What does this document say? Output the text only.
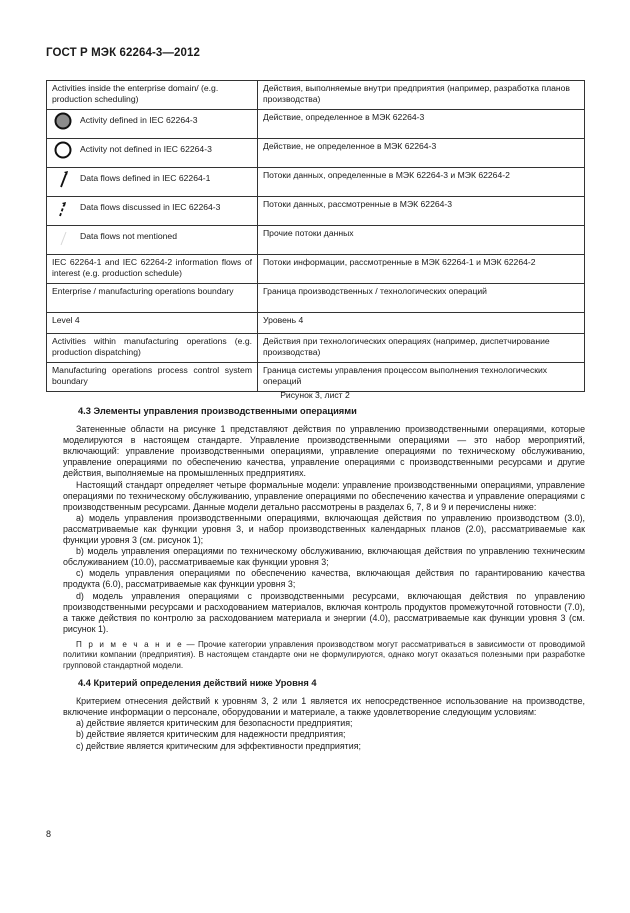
ГОСТ Р МЭК 62264-3—2012
Activities inside the enterprise domain/ (e.g. production scheduling)	Действия, выполняемые внутри предприятия (например, разработка планов производства)

Activity defined in IEC 62264-3	Действие, определенное в МЭК 62264-3

Activity not defined in IEC 62264-3	Действие, не определенное в МЭК 62264-3

Data flows defined in IEC 62264-1	Потоки данных, определенные в МЭК 62264-3 и МЭК 62264-2

Data flows discussed in IEC 62264-3	Потоки данных, рассмотренные в МЭК 62264-3

Data flows not mentioned	Прочие потоки данных
IEC 62264-1 and IEC 62264-2 information flows of interest (e.g. production schedule)	Потоки информации, рассмотренные в МЭК 62264-1 и МЭК 62264-2
Enterprise / manufacturing operations boundary	Граница производственных / технологических операций
Level 4	Уровень 4
Activities within manufacturing operations (e.g. production dispatching)	Действия при технологических операциях (например, диспетчирование производства)
Manufacturing operations process control system boundary	Граница системы управления процессом выполнения технологических операций
Рисунок 3, лист 2
4.3 Элементы управления производственными операциями

Затененные области на рисунке 1 представляют действия по управлению производственными операциями, которые моделируются в настоящем стандарте. Управление производственными операциями — это набор мероприятий, включающий: управление производственными операциями, управление операциями по техническому обслуживанию, управление операциями по обеспечению качества, управление операциями с производственными ресурсами и другие действия, выполняемые на промышленных предприятиях.

Настоящий стандарт определяет четыре формальные модели: управление производственными операциями, управление операциями по техническому обслуживанию, управление операциями по обеспечению качества и управление операциями с производственным ресурсами. Данные модели детально рассмотрены в разделах 6, 7, 8 и 9 и перечислены ниже:

a) модель управления производственными операциями, включающая действия по управлению производством (3.0), рассматриваемые как функции уровня 3, и набор производственных календарных планов (2.0), рассматриваемые как функции уровня 3 (см. рисунок 1);

b) модель управления операциями по техническому обслуживанию, включающая действия по управлению техническим обслуживанием (10.0), рассматриваемые как функции уровня 3;

c) модель управления операциями по обеспечению качества, включающая действия по гарантированию качества продукта (6.0), рассматриваемые как функции уровня 3;

d) модель управления операциями с производственными ресурсами, включающая действия по управлению производственными ресурсами и расходованием материалов, включая контроль продуктов промежуточной готовности (7.0), а также действия по контролю за расходованием материала и энергии (4.0), рассматриваемые как функции уровня 3 (см. рисунок 1).

П р и м е ч а н и е — Прочие категории управления производством могут рассматриваться в зависимости от проводимой политики компании (предприятия). В настоящем стандарте они не формулируются, однако могут оказаться полезными при разработке групповой стандартной модели.

4.4 Критерий определения действий ниже Уровня 4

Критерием отнесения действий к уровням 3, 2 или 1 является их непосредственное использование на производстве, включение информации о персонале, оборудовании и материале, а также удовлетворение следующим условиям:

a) действие является критическим для безопасности предприятия;

b) действие является критическим для надежности предприятия;

c) действие является критическим для эффективности предприятия;

8
